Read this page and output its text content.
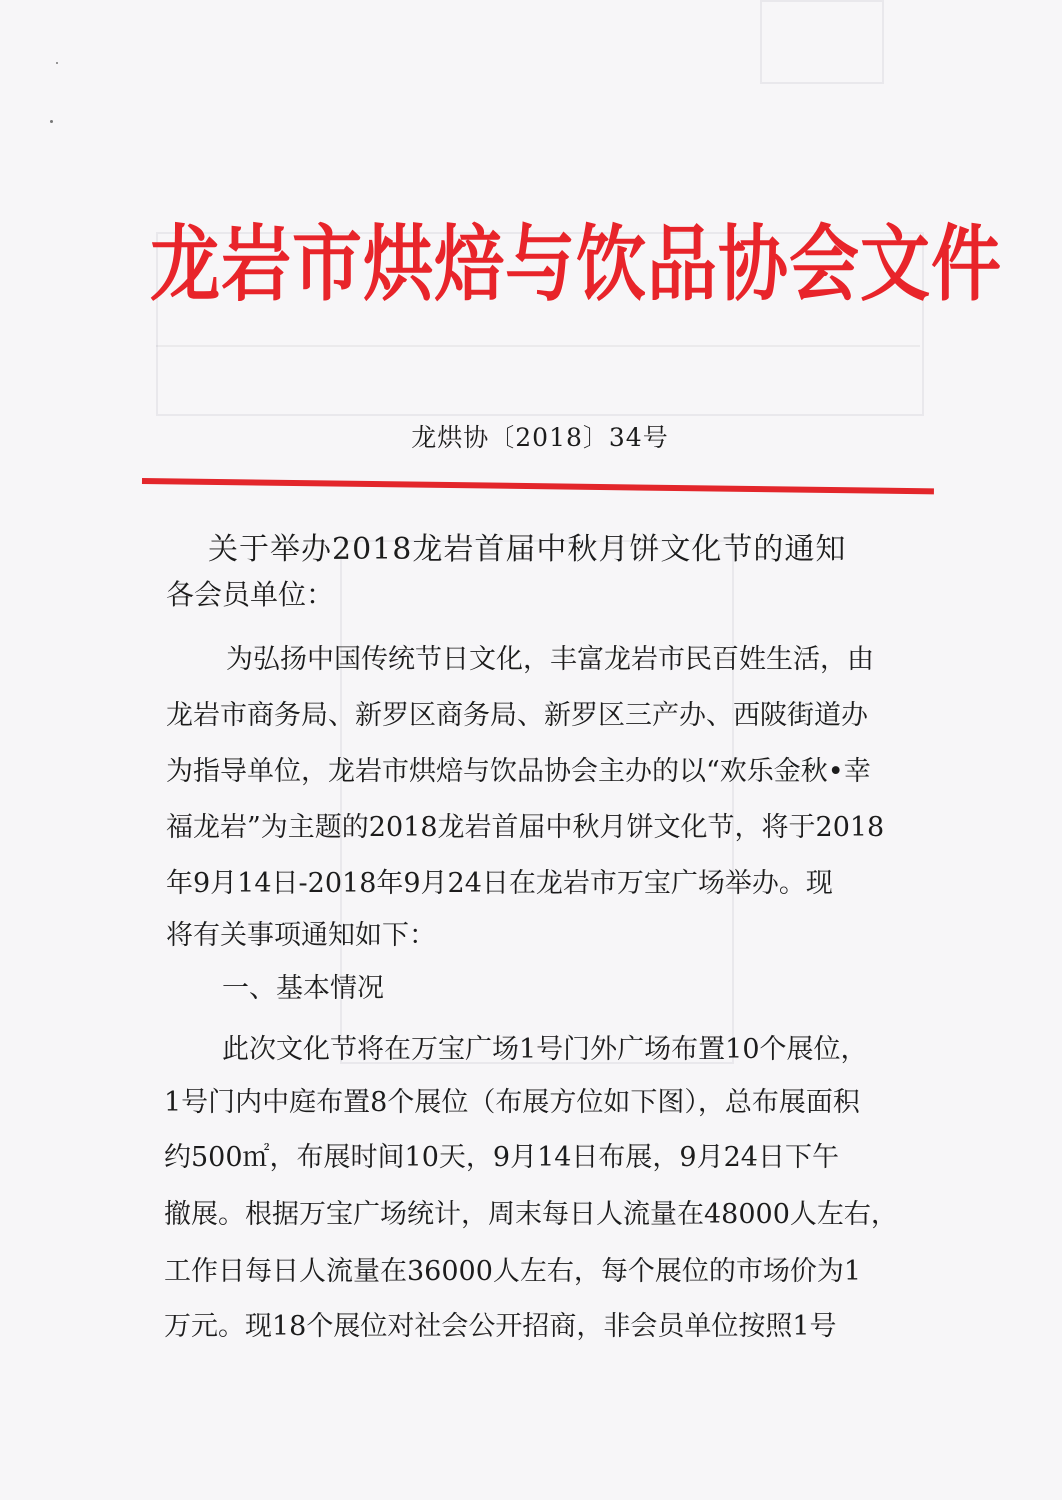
龙岩市烘焙与饮品协会文件
龙烘协〔2018〕34号
关于举办2018龙岩首届中秋月饼文化节的通知
各会员单位：
为弘扬中国传统节日文化，丰富龙岩市民百姓生活，由
龙岩市商务局、新罗区商务局、新罗区三产办、西陂街道办
为指导单位，龙岩市烘焙与饮品协会主办的以“欢乐金秋•幸
福龙岩”为主题的2018龙岩首届中秋月饼文化节，将于2018
年9月14日-2018年9月24日在龙岩市万宝广场举办。现
将有关事项通知如下：
一、基本情况
此次文化节将在万宝广场1号门外广场布置10个展位，
1号门内中庭布置8个展位（布展方位如下图），总布展面积
约500㎡，布展时间10天，9月14日布展，9月24日下午
撤展。根据万宝广场统计，周末每日人流量在48000人左右，
工作日每日人流量在36000人左右，每个展位的市场价为1
万元。现18个展位对社会公开招商，非会员单位按照1号
